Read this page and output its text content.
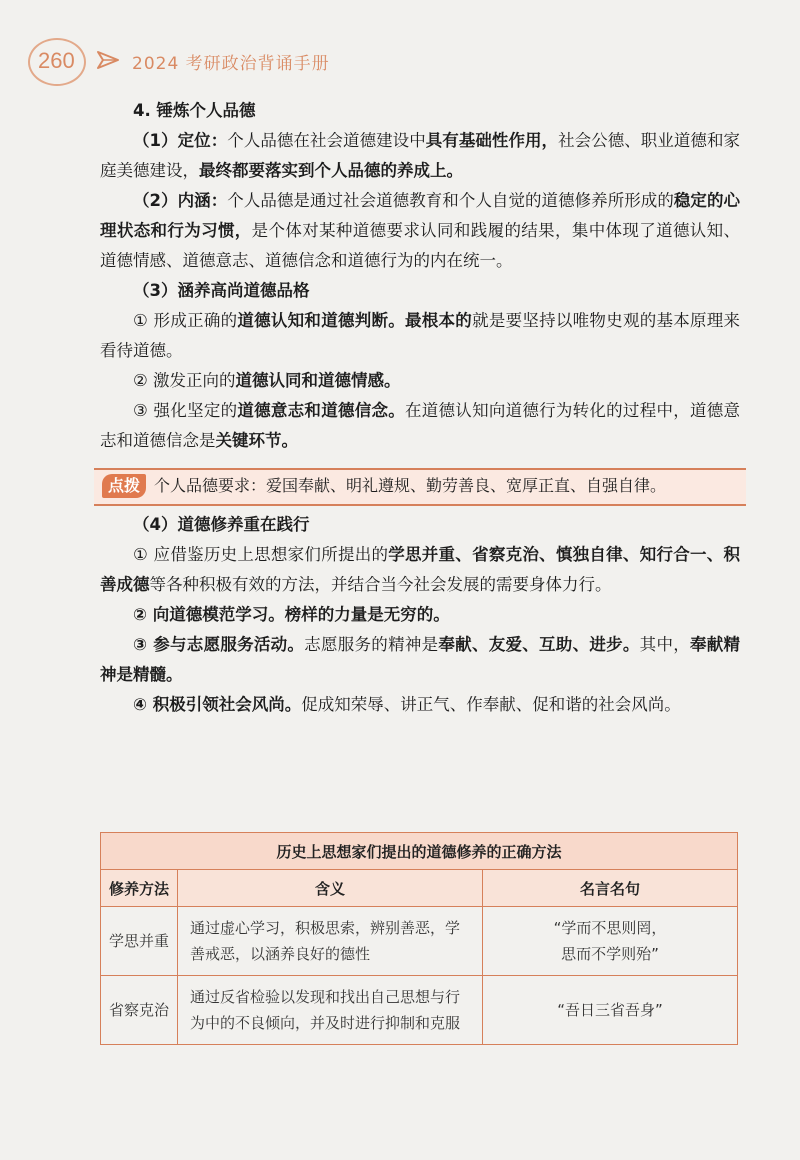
260	2024 考研政治背诵手册

4. 锤炼个人品德

（1）定位：个人品德在社会道德建设中具有基础性作用，社会公德、职业道德和家庭美德建设，最终都要落实到个人品德的养成上。

（2）内涵：个人品德是通过社会道德教育和个人自觉的道德修养所形成的稳定的心理状态和行为习惯，是个体对某种道德要求认同和践履的结果，集中体现了道德认知、道德情感、道德意志、道德信念和道德行为的内在统一。

（3）涵养高尚道德品格

① 形成正确的道德认知和道德判断。最根本的就是要坚持以唯物史观的基本原理来看待道德。

② 激发正向的道德认同和道德情感。

③ 强化坚定的道德意志和道德信念。在道德认知向道德行为转化的过程中，道德意志和道德信念是关键环节。

点拨 个人品德要求：爱国奉献、明礼遵规、勤劳善良、宽厚正直、自强自律。

（4）道德修养重在践行

① 应借鉴历史上思想家们所提出的学思并重、省察克治、慎独自律、知行合一、积善成德等各种积极有效的方法，并结合当今社会发展的需要身体力行。

② 向道德模范学习。榜样的力量是无穷的。

③ 参与志愿服务活动。志愿服务的精神是奉献、友爱、互助、进步。其中，奉献精神是精髓。

④ 积极引领社会风尚。促成知荣辱、讲正气、作奉献、促和谐的社会风尚。

历史上思想家们提出的道德修养的正确方法		
修养方法	含义	名言名句
学思并重	通过虚心学习，积极思索，辨别善恶，学善戒恶，以涵养良好的德性	“学而不思则罔，
思而不学则殆”

省察克治	通过反省检验以发现和找出自己思想与行为中的不良倾向，并及时进行抑制和克服	“吾日三省吾身”
